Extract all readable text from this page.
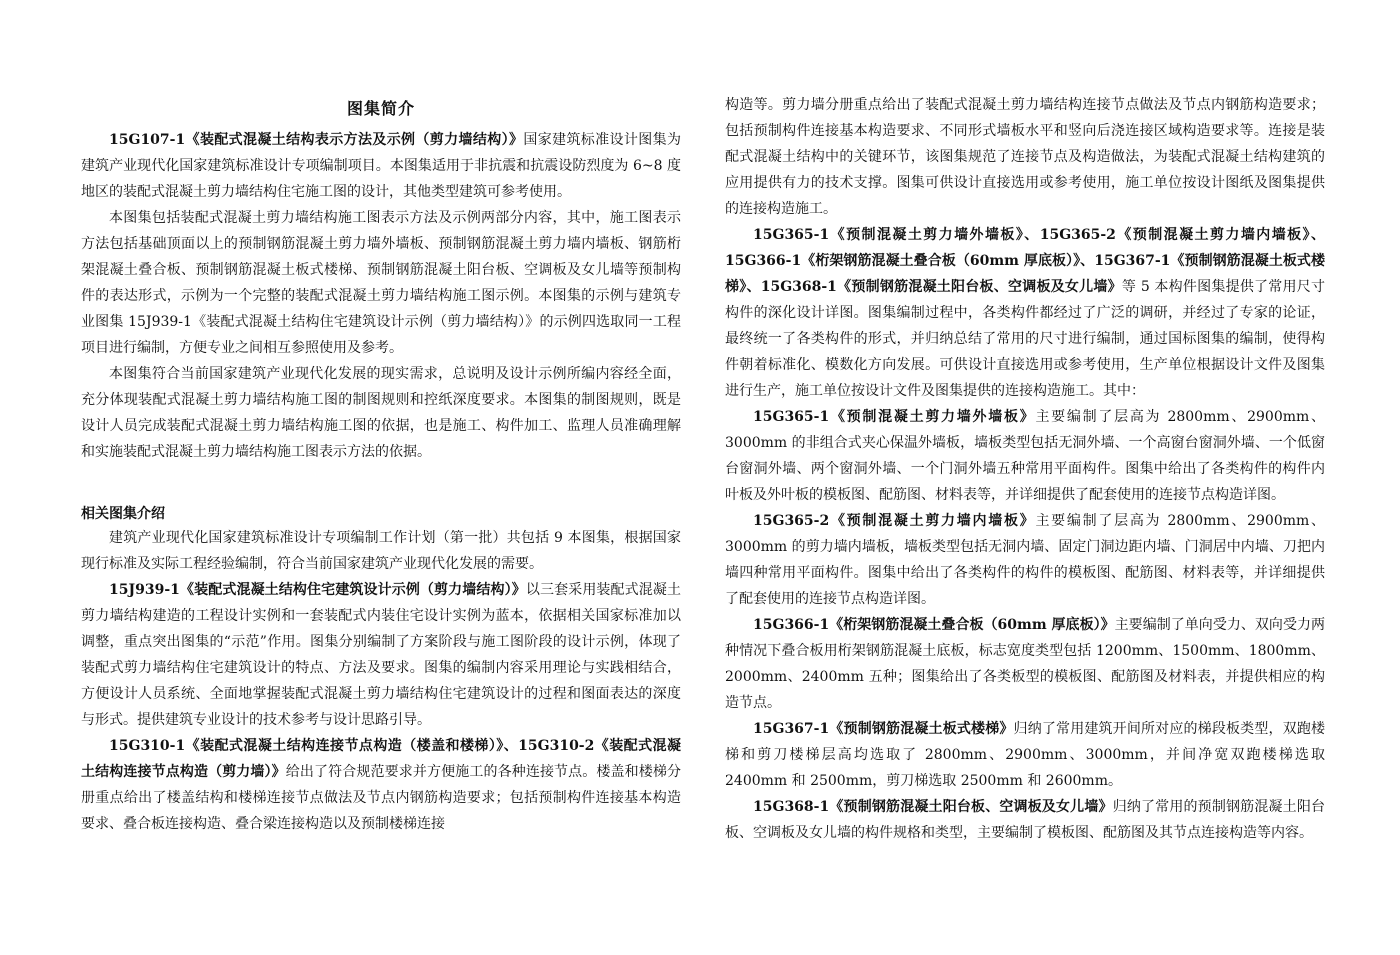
图集简介

15G107-1《装配式混凝土结构表示方法及示例（剪力墙结构）》国家建筑标准设计图集为建筑产业现代化国家建筑标准设计专项编制项目。本图集适用于非抗震和抗震设防烈度为 6~8 度地区的装配式混凝土剪力墙结构住宅施工图的设计，其他类型建筑可参考使用。

本图集包括装配式混凝土剪力墙结构施工图表示方法及示例两部分内容，其中，施工图表示方法包括基础顶面以上的预制钢筋混凝土剪力墙外墙板、预制钢筋混凝土剪力墙内墙板、钢筋桁架混凝土叠合板、预制钢筋混凝土板式楼梯、预制钢筋混凝土阳台板、空调板及女儿墙等预制构件的表达形式，示例为一个完整的装配式混凝土剪力墙结构施工图示例。本图集的示例与建筑专业图集 15J939-1《装配式混凝土结构住宅建筑设计示例（剪力墙结构）》的示例四选取同一工程项目进行编制，方便专业之间相互参照使用及参考。

本图集符合当前国家建筑产业现代化发展的现实需求，总说明及设计示例所编内容经全面，充分体现装配式混凝土剪力墙结构施工图的制图规则和控纸深度要求。本图集的制图规则，既是设计人员完成装配式混凝土剪力墙结构施工图的依据，也是施工、构件加工、监理人员准确理解和实施装配式混凝土剪力墙结构施工图表示方法的依据。

相关图集介绍

建筑产业现代化国家建筑标准设计专项编制工作计划（第一批）共包括 9 本图集，根据国家现行标准及实际工程经验编制，符合当前国家建筑产业现代化发展的需要。

15J939-1《装配式混凝土结构住宅建筑设计示例（剪力墙结构）》以三套采用装配式混凝土剪力墙结构建造的工程设计实例和一套装配式内装住宅设计实例为蓝本，依据相关国家标准加以调整，重点突出图集的“示范”作用。图集分别编制了方案阶段与施工图阶段的设计示例，体现了装配式剪力墙结构住宅建筑设计的特点、方法及要求。图集的编制内容采用理论与实践相结合，方便设计人员系统、全面地掌握装配式混凝土剪力墙结构住宅建筑设计的过程和图面表达的深度与形式。提供建筑专业设计的技术参考与设计思路引导。

15G310-1《装配式混凝土结构连接节点构造（楼盖和楼梯）》、15G310-2《装配式混凝土结构连接节点构造（剪力墙）》给出了符合规范要求并方便施工的各种连接节点。楼盖和楼梯分册重点给出了楼盖结构和楼梯连接节点做法及节点内钢筋构造要求；包括预制构件连接基本构造要求、叠合板连接构造、叠合梁连接构造以及预制楼梯连接

构造等。剪力墙分册重点给出了装配式混凝土剪力墙结构连接节点做法及节点内钢筋构造要求；包括预制构件连接基本构造要求、不同形式墙板水平和竖向后浇连接区域构造要求等。连接是装配式混凝土结构中的关键环节，该图集规范了连接节点及构造做法，为装配式混凝土结构建筑的应用提供有力的技术支撑。图集可供设计直接选用或参考使用，施工单位按设计图纸及图集提供的连接构造施工。

15G365-1《预制混凝土剪力墙外墙板》、15G365-2《预制混凝土剪力墙内墙板》、15G366-1《桁架钢筋混凝土叠合板（60mm 厚底板）》、15G367-1《预制钢筋混凝土板式楼梯》、15G368-1《预制钢筋混凝土阳台板、空调板及女儿墙》等 5 本构件图集提供了常用尺寸构件的深化设计详图。图集编制过程中，各类构件都经过了广泛的调研，并经过了专家的论证，最终统一了各类构件的形式，并归纳总结了常用的尺寸进行编制，通过国标图集的编制，使得构件朝着标准化、模数化方向发展。可供设计直接选用或参考使用，生产单位根据设计文件及图集进行生产，施工单位按设计文件及图集提供的连接构造施工。其中：

15G365-1《预制混凝土剪力墙外墙板》主要编制了层高为 2800mm、2900mm、3000mm 的非组合式夹心保温外墙板，墙板类型包括无洞外墙、一个高窗台窗洞外墙、一个低窗台窗洞外墙、两个窗洞外墙、一个门洞外墙五种常用平面构件。图集中给出了各类构件的构件内叶板及外叶板的模板图、配筋图、材料表等，并详细提供了配套使用的连接节点构造详图。

15G365-2《预制混凝土剪力墙内墙板》主要编制了层高为 2800mm、2900mm、3000mm 的剪力墙内墙板，墙板类型包括无洞内墙、固定门洞边距内墙、门洞居中内墙、刀把内墙四种常用平面构件。图集中给出了各类构件的构件的模板图、配筋图、材料表等，并详细提供了配套使用的连接节点构造详图。

15G366-1《桁架钢筋混凝土叠合板（60mm 厚底板）》主要编制了单向受力、双向受力两种情况下叠合板用桁架钢筋混凝土底板，标志宽度类型包括 1200mm、1500mm、1800mm、2000mm、2400mm 五种；图集给出了各类板型的模板图、配筋图及材料表，并提供相应的构造节点。

15G367-1《预制钢筋混凝土板式楼梯》归纳了常用建筑开间所对应的梯段板类型，双跑楼梯和剪刀楼梯层高均选取了 2800mm、2900mm、3000mm，并间净宽双跑楼梯选取 2400mm 和 2500mm，剪刀梯选取 2500mm 和 2600mm。

15G368-1《预制钢筋混凝土阳台板、空调板及女儿墙》归纳了常用的预制钢筋混凝土阳台板、空调板及女儿墙的构件规格和类型，主要编制了模板图、配筋图及其节点连接构造等内容。
